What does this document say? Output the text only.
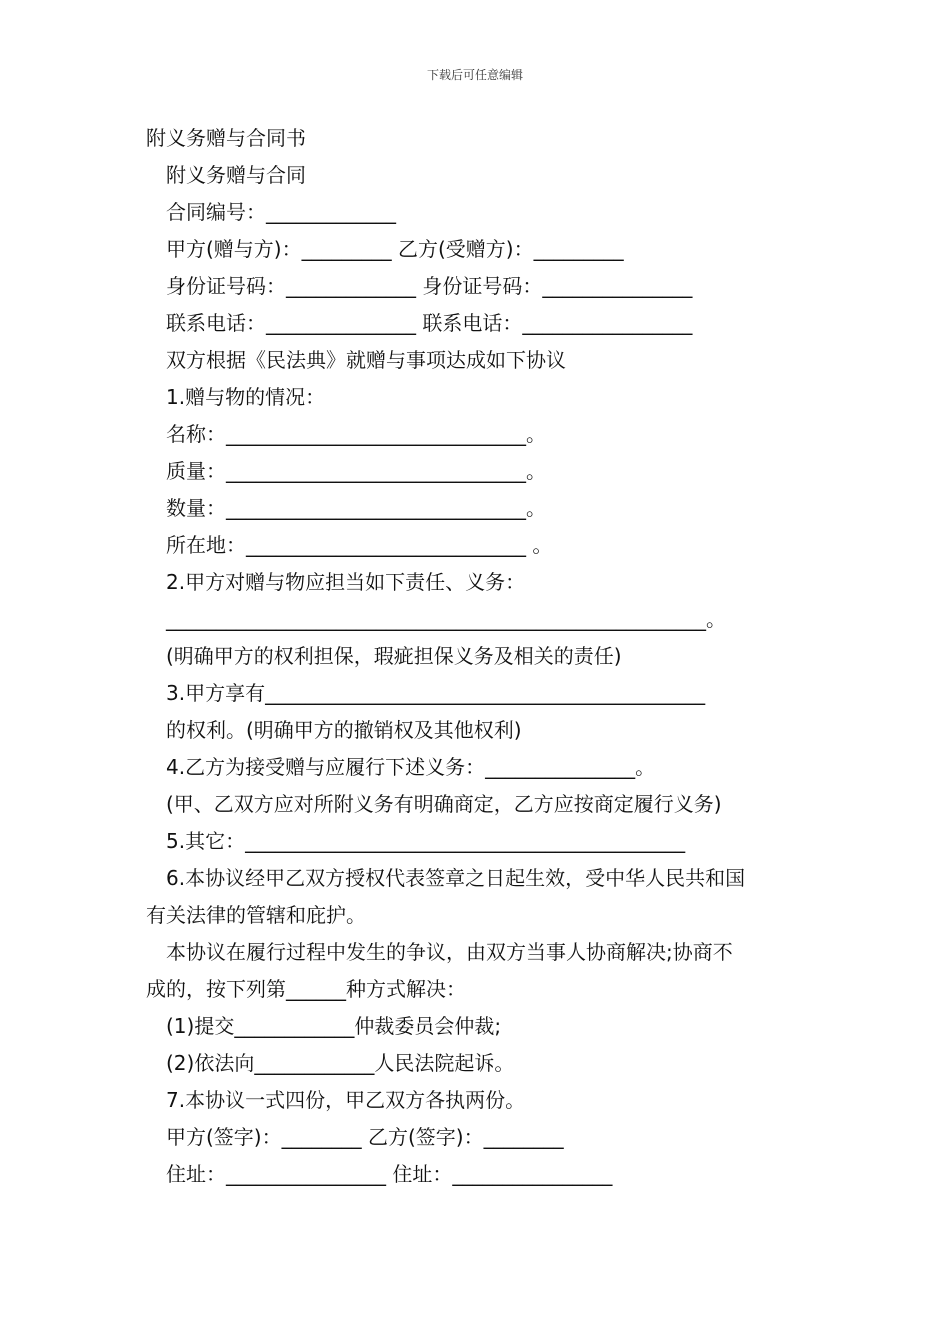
下载后可任意编辑
附义务赠与合同书
附义务赠与合同
合同编号：_____________
甲方(赠与方)：_________ 乙方(受赠方)：_________
身份证号码：_____________ 身份证号码：_______________
联系电话：_______________ 联系电话：_________________
双方根据《民法典》就赠与事项达成如下协议
1.赠与物的情况：
名称：______________________________。
质量：______________________________。
数量：______________________________。
所在地：____________________________ 。
2.甲方对赠与物应担当如下责任、义务：
______________________________________________________。
(明确甲方的权利担保，瑕疵担保义务及相关的责任)
3.甲方享有____________________________________________
的权利。(明确甲方的撤销权及其他权利)
4.乙方为接受赠与应履行下述义务：_______________。
(甲、乙双方应对所附义务有明确商定，乙方应按商定履行义务)
5.其它：____________________________________________
6.本协议经甲乙双方授权代表签章之日起生效，受中华人民共和国
有关法律的管辖和庇护。
本协议在履行过程中发生的争议，由双方当事人协商解决;协商不
成的，按下列第______种方式解决：
(1)提交____________仲裁委员会仲裁;
(2)依法向____________人民法院起诉。
7.本协议一式四份，甲乙双方各执两份。
甲方(签字)：________ 乙方(签字)：________
住址：________________ 住址：________________
